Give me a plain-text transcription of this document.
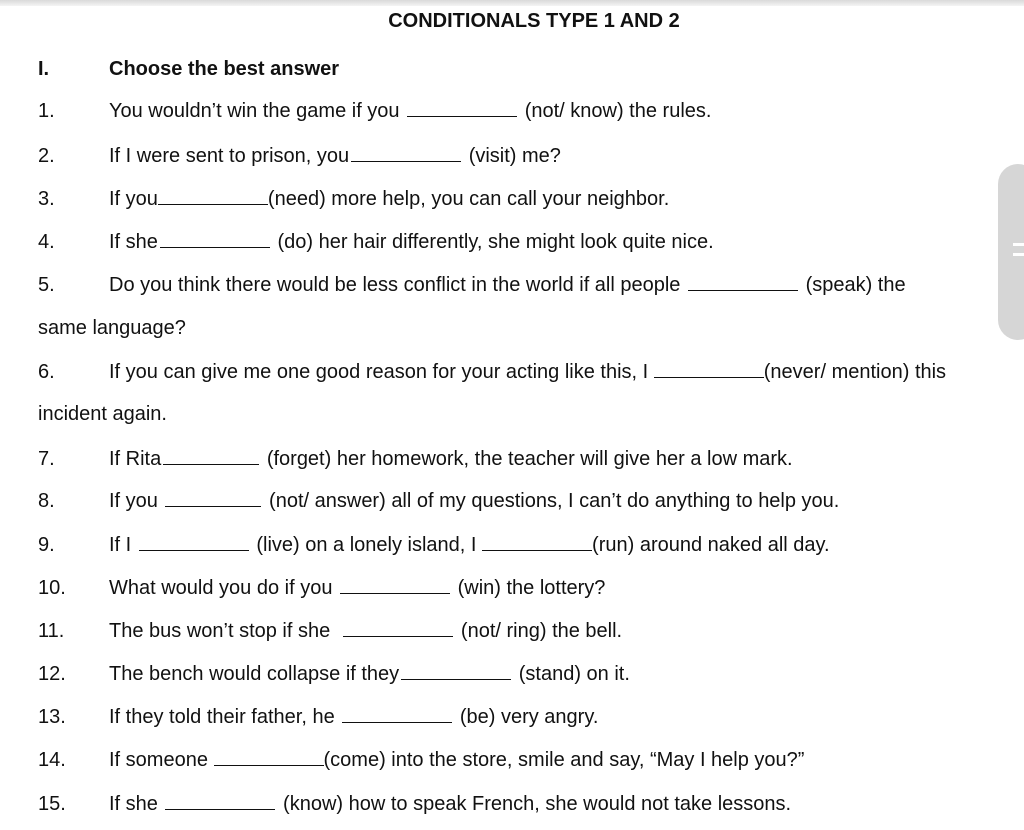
CONDITIONALS TYPE 1 AND 2
I.	Choose the best answer
1.	You wouldn’t win the game if you	(not/ know) the rules.
2.	If I were sent to prison, you	(visit) me?
3.	If you	(need) more help, you can call your neighbor.
4.	If she	(do) her hair differently, she might look quite nice.
5.	Do you think there would be less conflict in the world if all people	(speak) the
same language?
6.	If you can give me one good reason for your acting like this, I	(never/ mention) this
incident again.
7.	If Rita	(forget) her homework, the teacher will give her a low mark.
8.	If you	(not/ answer) all of my questions, I can’t do anything to help you.
9.	If I	(live) on a lonely island, I	(run) around naked all day.
10. What would you do if you	(win) the lottery?
11. The bus won’t stop if she	(not/ ring) the bell.
12. The bench would collapse if they	(stand) on it.
13. If they told their father, he	(be) very angry.
14. If someone	(come) into the store, smile and say, “May I help you?”
15. If she	(know) how to speak French, she would not take lessons.
